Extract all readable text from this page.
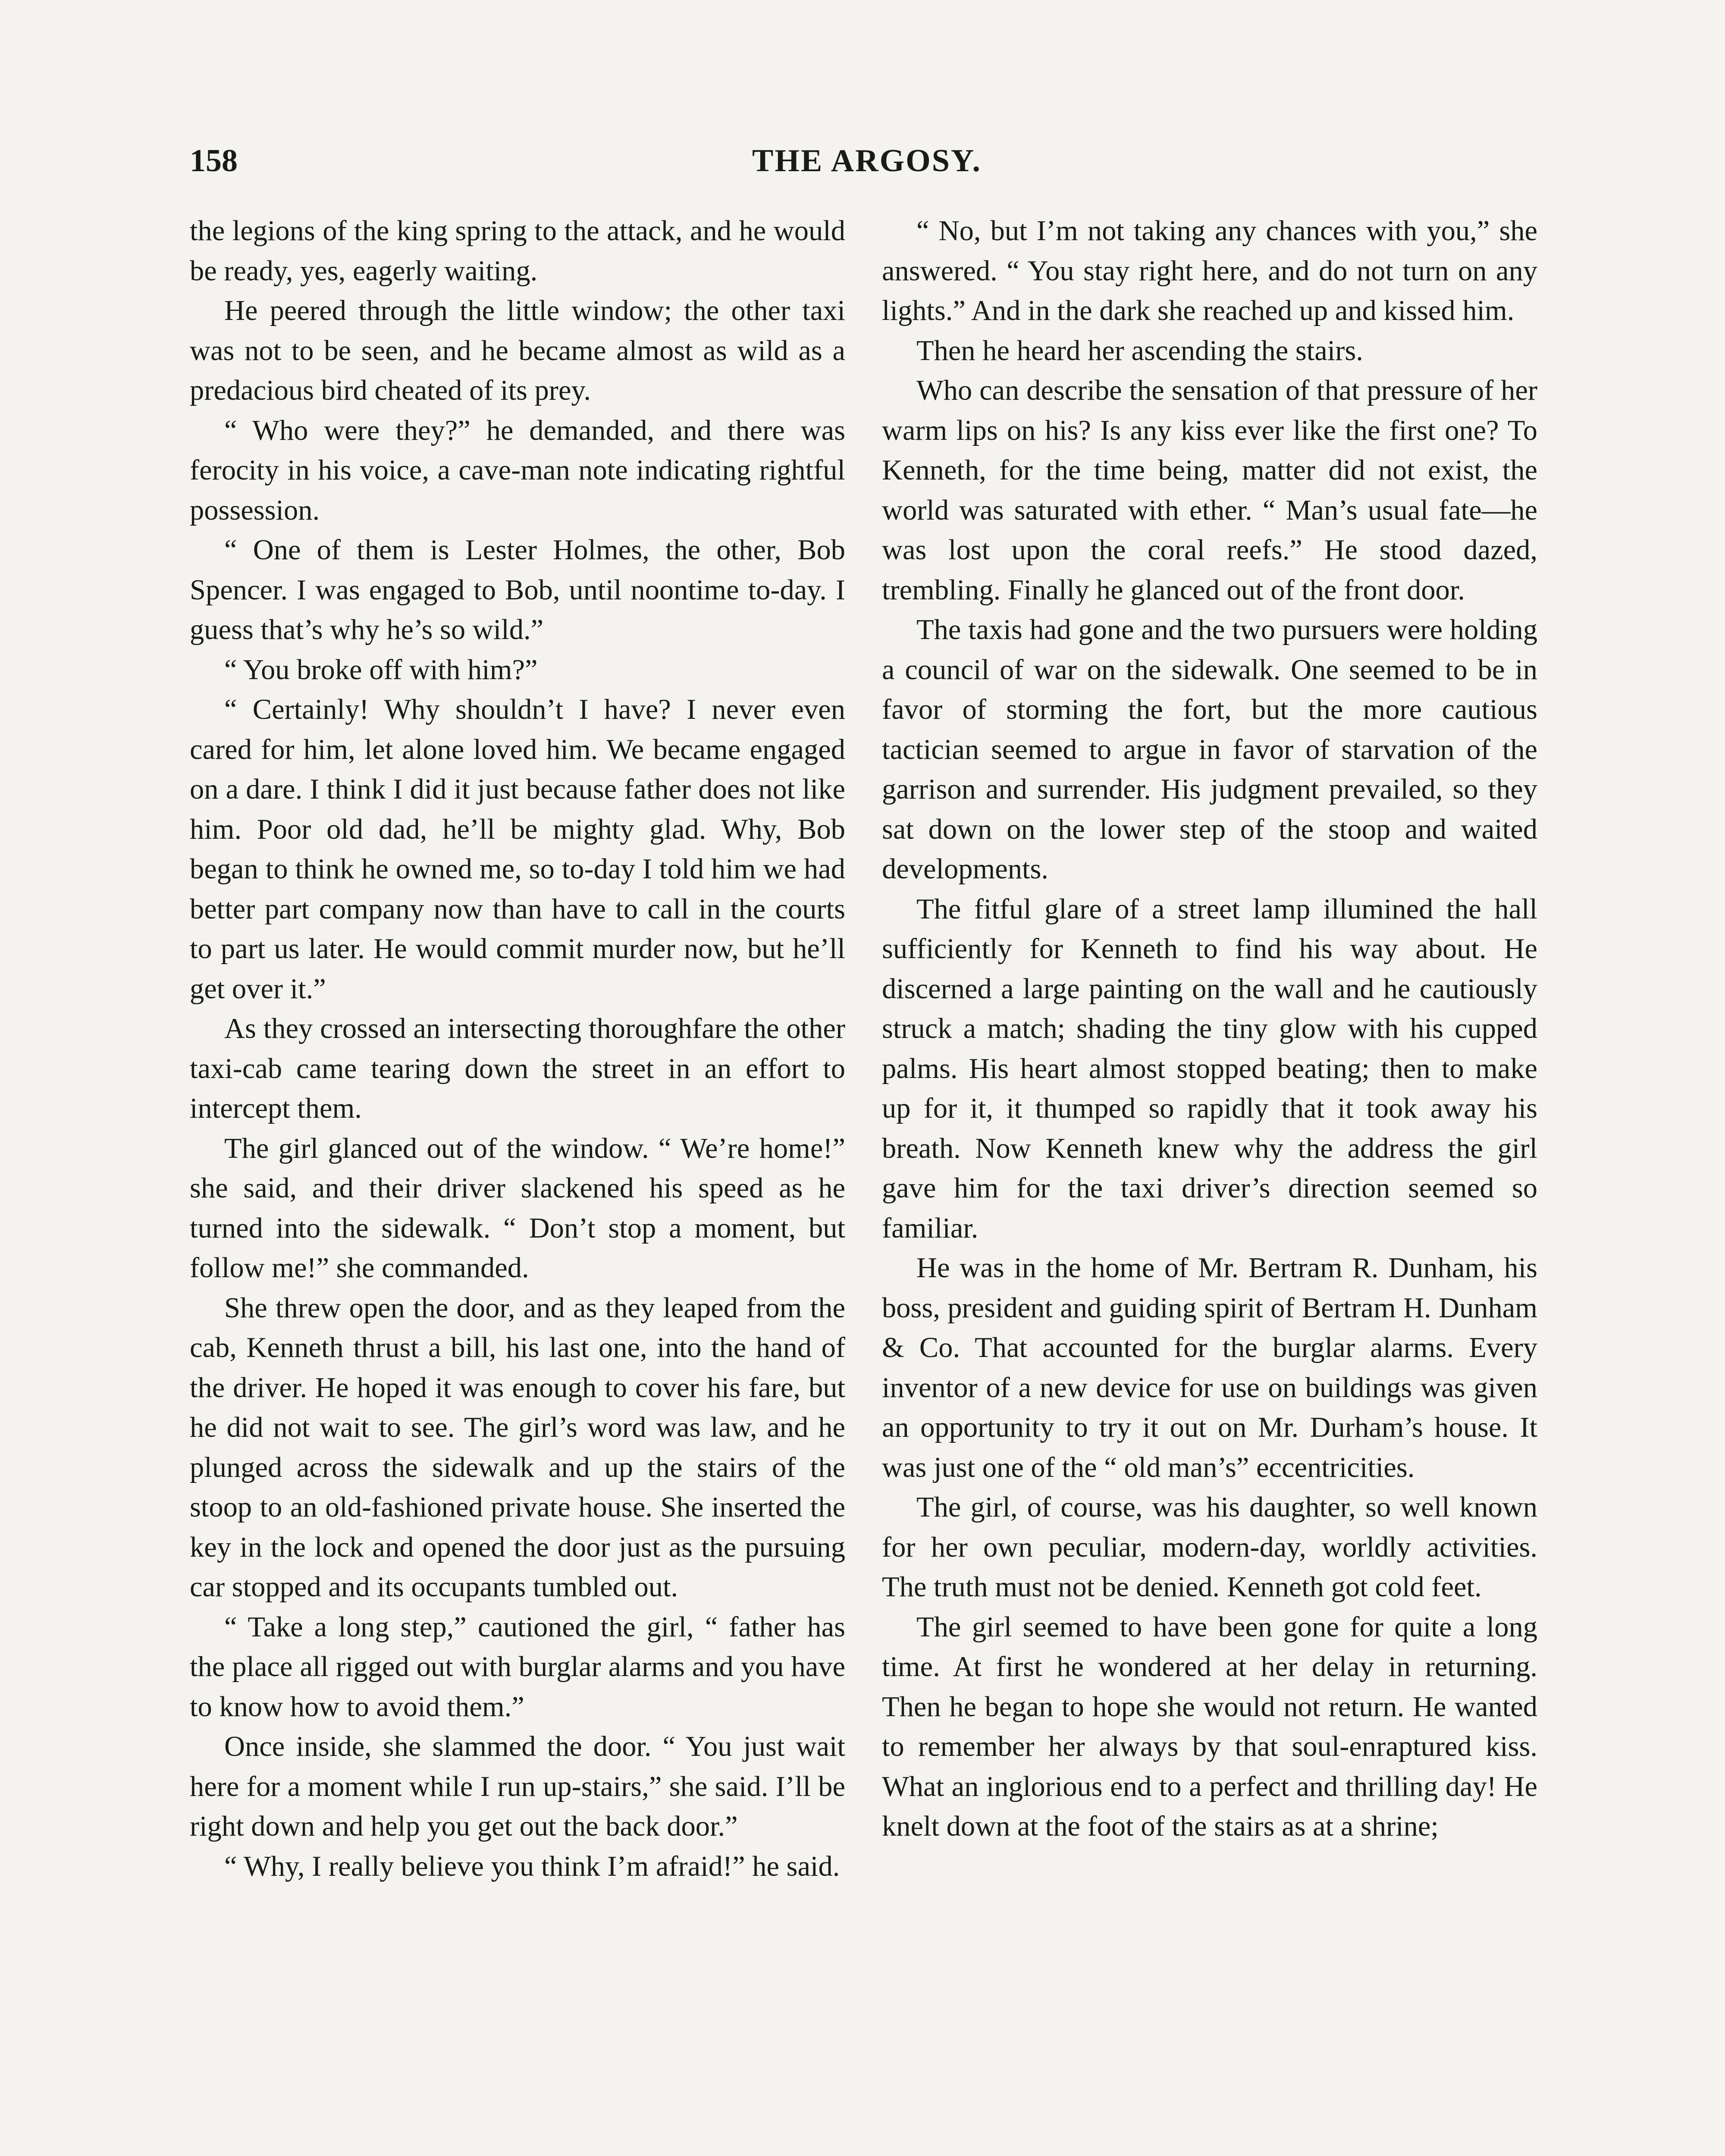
158	THE ARGOSY.

the legions of the king spring to the attack, and he would be ready, yes, eagerly waiting.

He peered through the little window; the other taxi was not to be seen, and he became almost as wild as a predacious bird cheated of its prey.

“ Who were they?” he demanded, and there was ferocity in his voice, a cave-man note indicating rightful possession.

“ One of them is Lester Holmes, the other, Bob Spencer. I was engaged to Bob, until noontime to-day. I guess that’s why he’s so wild.”

“ You broke off with him?”

“ Certainly! Why shouldn’t I have? I never even cared for him, let alone loved him. We became engaged on a dare. I think I did it just because father does not like him. Poor old dad, he’ll be mighty glad. Why, Bob began to think he owned me, so to-day I told him we had better part company now than have to call in the courts to part us later. He would commit murder now, but he’ll get over it.”

As they crossed an intersecting thoroughfare the other taxi-cab came tearing down the street in an effort to intercept them.

The girl glanced out of the window. “ We’re home!” she said, and their driver slackened his speed as he turned into the sidewalk. “ Don’t stop a moment, but follow me!” she commanded.

She threw open the door, and as they leaped from the cab, Kenneth thrust a bill, his last one, into the hand of the driver. He hoped it was enough to cover his fare, but he did not wait to see. The girl’s word was law, and he plunged across the sidewalk and up the stairs of the stoop to an old-fashioned private house. She inserted the key in the lock and opened the door just as the pursuing car stopped and its occupants tumbled out.

“ Take a long step,” cautioned the girl, “ father has the place all rigged out with burglar alarms and you have to know how to avoid them.”

Once inside, she slammed the door. “ You just wait here for a moment while I run up-stairs,” she said. I’ll be right down and help you get out the back door.”

“ Why, I really believe you think I’m afraid!” he said.

“ No, but I’m not taking any chances with you,” she answered. “ You stay right here, and do not turn on any lights.” And in the dark she reached up and kissed him.

Then he heard her ascending the stairs.

Who can describe the sensation of that pressure of her warm lips on his? Is any kiss ever like the first one? To Kenneth, for the time being, matter did not exist, the world was saturated with ether. “ Man’s usual fate—he was lost upon the coral reefs.” He stood dazed, trembling. Finally he glanced out of the front door.

The taxis had gone and the two pursuers were holding a council of war on the sidewalk. One seemed to be in favor of storming the fort, but the more cautious tactician seemed to argue in favor of starvation of the garrison and surrender. His judgment prevailed, so they sat down on the lower step of the stoop and waited developments.

The fitful glare of a street lamp illumined the hall sufficiently for Kenneth to find his way about. He discerned a large painting on the wall and he cautiously struck a match; shading the tiny glow with his cupped palms. His heart almost stopped beating; then to make up for it, it thumped so rapidly that it took away his breath. Now Kenneth knew why the address the girl gave him for the taxi driver’s direction seemed so familiar.

He was in the home of Mr. Bertram R. Dunham, his boss, president and guiding spirit of Bertram H. Dunham & Co. That accounted for the burglar alarms. Every inventor of a new device for use on buildings was given an opportunity to try it out on Mr. Durham’s house. It was just one of the “ old man’s” eccentricities.

The girl, of course, was his daughter, so well known for her own peculiar, modern-day, worldly activities. The truth must not be denied. Kenneth got cold feet.

The girl seemed to have been gone for quite a long time. At first he wondered at her delay in returning. Then he began to hope she would not return. He wanted to remember her always by that soul-enraptured kiss. What an inglorious end to a perfect and thrilling day! He knelt down at the foot of the stairs as at a shrine;
